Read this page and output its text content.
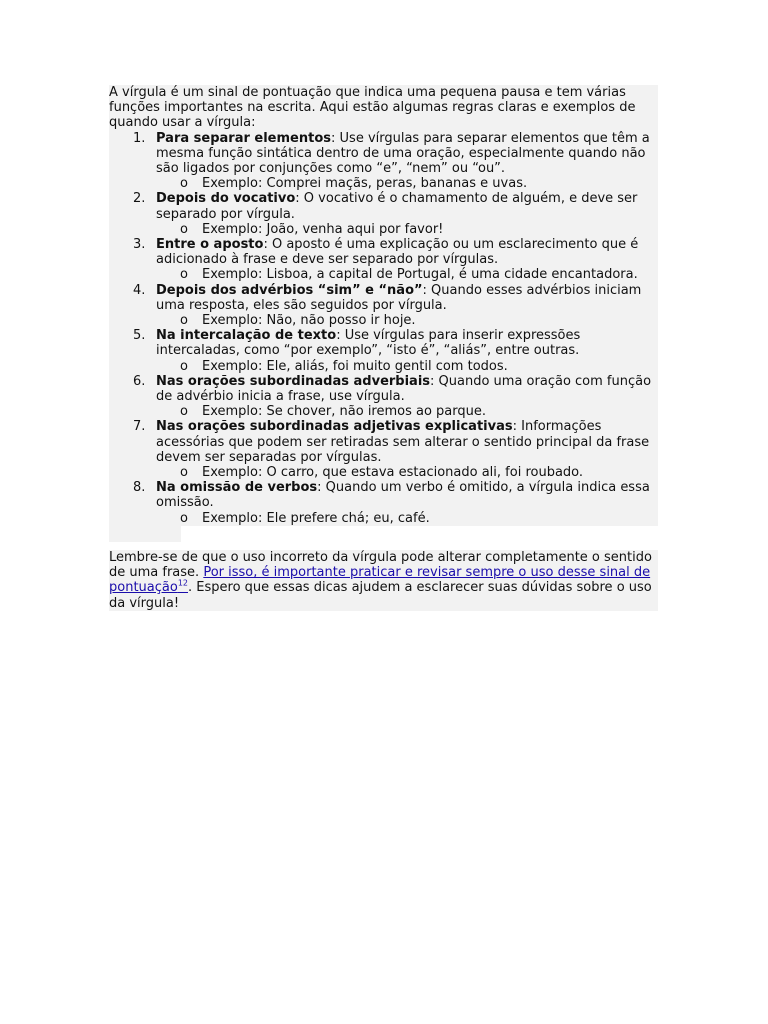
A vírgula é um sinal de pontuação que indica uma pequena pausa e tem várias funções importantes na escrita. Aqui estão algumas regras claras e exemplos de quando usar a vírgula:

1. Para separar elementos: Use vírgulas para separar elementos que têm a mesma função sintática dentro de uma oração, especialmente quando não são ligados por conjunções como “e”, “nem” ou “ou”.
o Exemplo: Comprei maçãs, peras, bananas e uvas.
2. Depois do vocativo: O vocativo é o chamamento de alguém, e deve ser separado por vírgula.
o Exemplo: João, venha aqui por favor!
3. Entre o aposto: O aposto é uma explicação ou um esclarecimento que é adicionado à frase e deve ser separado por vírgulas.
o Exemplo: Lisboa, a capital de Portugal, é uma cidade encantadora.
4. Depois dos advérbios “sim” e “não”: Quando esses advérbios iniciam uma resposta, eles são seguidos por vírgula.
o Exemplo: Não, não posso ir hoje.
5. Na intercalação de texto: Use vírgulas para inserir expressões intercaladas, como “por exemplo”, “isto é”, “aliás”, entre outras.
o Exemplo: Ele, aliás, foi muito gentil com todos.
6. Nas orações subordinadas adverbiais: Quando uma oração com função de advérbio inicia a frase, use vírgula.
o Exemplo: Se chover, não iremos ao parque.
7. Nas orações subordinadas adjetivas explicativas: Informações acessórias que podem ser retiradas sem alterar o sentido principal da frase devem ser separadas por vírgulas.
o Exemplo: O carro, que estava estacionado ali, foi roubado.
8. Na omissão de verbos: Quando um verbo é omitido, a vírgula indica essa omissão.
o Exemplo: Ele prefere chá; eu, café.

Lembre-se de que o uso incorreto da vírgula pode alterar completamente o sentido de uma frase. Por isso, é importante praticar e revisar sempre o uso desse sinal de pontuação$^{12}$. Espero que essas dicas ajudem a esclarecer suas dúvidas sobre o uso da vírgula!
